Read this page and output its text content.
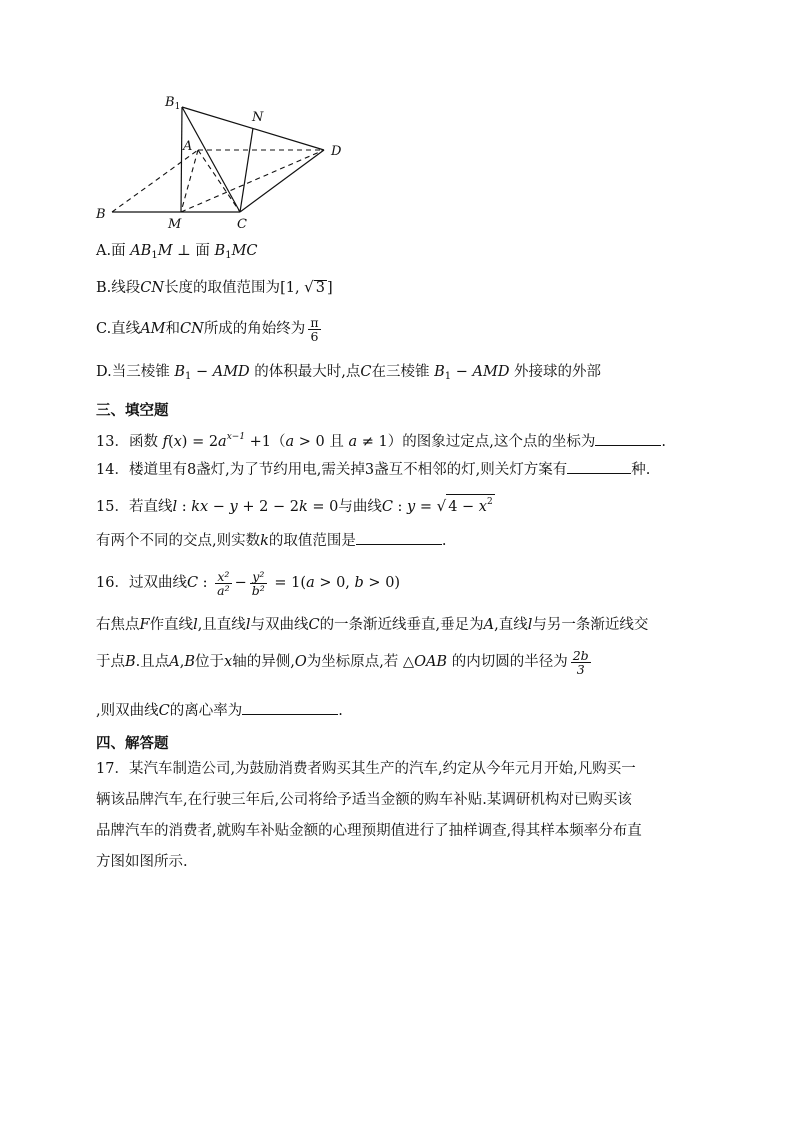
$B_1$
N
A	D
B
M	C
A.面 $AB_1M$ ⊥ 面 $B_1MC$
B.线段CN长度的取值范围为[1, √ 3 ]
C.直线AM和CN所成的角始终为 $\frac{\pi}{6}$
D.当三棱锥 $B_1$ − AMD 的体积最大时,点C在三棱锥 $B_1$ − AMD 外接球的外部
三、填空题
13．函数 $f(x) = 2a^{x-1} +1(a > 0$ 且 a ≠ 1）的图象过定点,这个点的坐标为	.
14．楼道里有8盏灯,为了节约用电,需关掉3盏互不相邻的灯,则关灯方案有	种.
15．若直线l : kx − y + 2 − 2k = 0与曲线C : y = √ $4 - x^2$
有两个不同的交点,则实数k的取值范围是	.
16．过双曲线C : $\frac{\text{x²}}{\text{a²}} - \frac{\text{y²}}{\text{b²}} = 1(a > 0$, b > 0)
右焦点F作直线l,且直线l与双曲线C的一条渐近线垂直,垂足为A,直线l与另一条渐近线交
于点B.且点A,B位于x轴的异侧,O为坐标原点,若 △OAB 的内切圆的半径为 $\frac{2b}{3}$
,则双曲线C的离心率为	.
四、解答题
17．某汽车制造公司,为鼓励消费者购买其生产的汽车,约定从今年元月开始,凡购买一
辆该品牌汽车,在行驶三年后,公司将给予适当金额的购车补贴.某调研机构对已购买该
品牌汽车的消费者,就购车补贴金额的心理预期值进行了抽样调查,得其样本频率分布直
方图如图所示.
